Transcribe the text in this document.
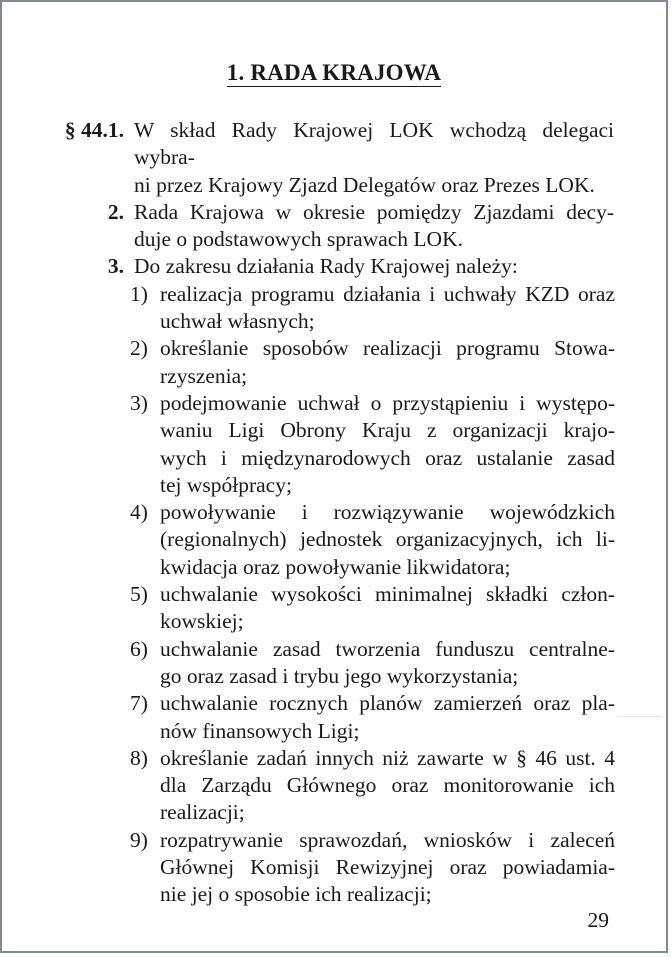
1. RADA KRAJOWA
§ 44.1. W skład Rady Krajowej LOK wchodzą delegaci wybra-
ni przez Krajowy Zjazd Delegatów oraz Prezes LOK.
2. Rada Krajowa w okresie pomiędzy Zjazdami decy-
duje o podstawowych sprawach LOK.
3. Do zakresu działania Rady Krajowej należy:
1) realizacja programu działania i uchwały KZD oraz
uchwał własnych;
2) określanie sposobów realizacji programu Stowa-
rzyszenia;
3) podejmowanie uchwał o przystąpieniu i występo-
waniu Ligi Obrony Kraju z organizacji krajo-
wych i międzynarodowych oraz ustalanie zasad
tej współpracy;
4) powoływanie i rozwiązywanie wojewódzkich
(regionalnych) jednostek organizacyjnych, ich li-
kwidacja oraz powoływanie likwidatora;
5) uchwalanie wysokości minimalnej składki człon-
kowskiej;
6) uchwalanie zasad tworzenia funduszu centralne-
go oraz zasad i trybu jego wykorzystania;
7) uchwalanie rocznych planów zamierzeń oraz pla-
nów finansowych Ligi;
8) określanie zadań innych niż zawarte w § 46 ust. 4
dla Zarządu Głównego oraz monitorowanie ich
realizacji;
9) rozpatrywanie sprawozdań, wniosków i zaleceń
Głównej Komisji Rewizyjnej oraz powiadamia-
nie jej o sposobie ich realizacji;
29
